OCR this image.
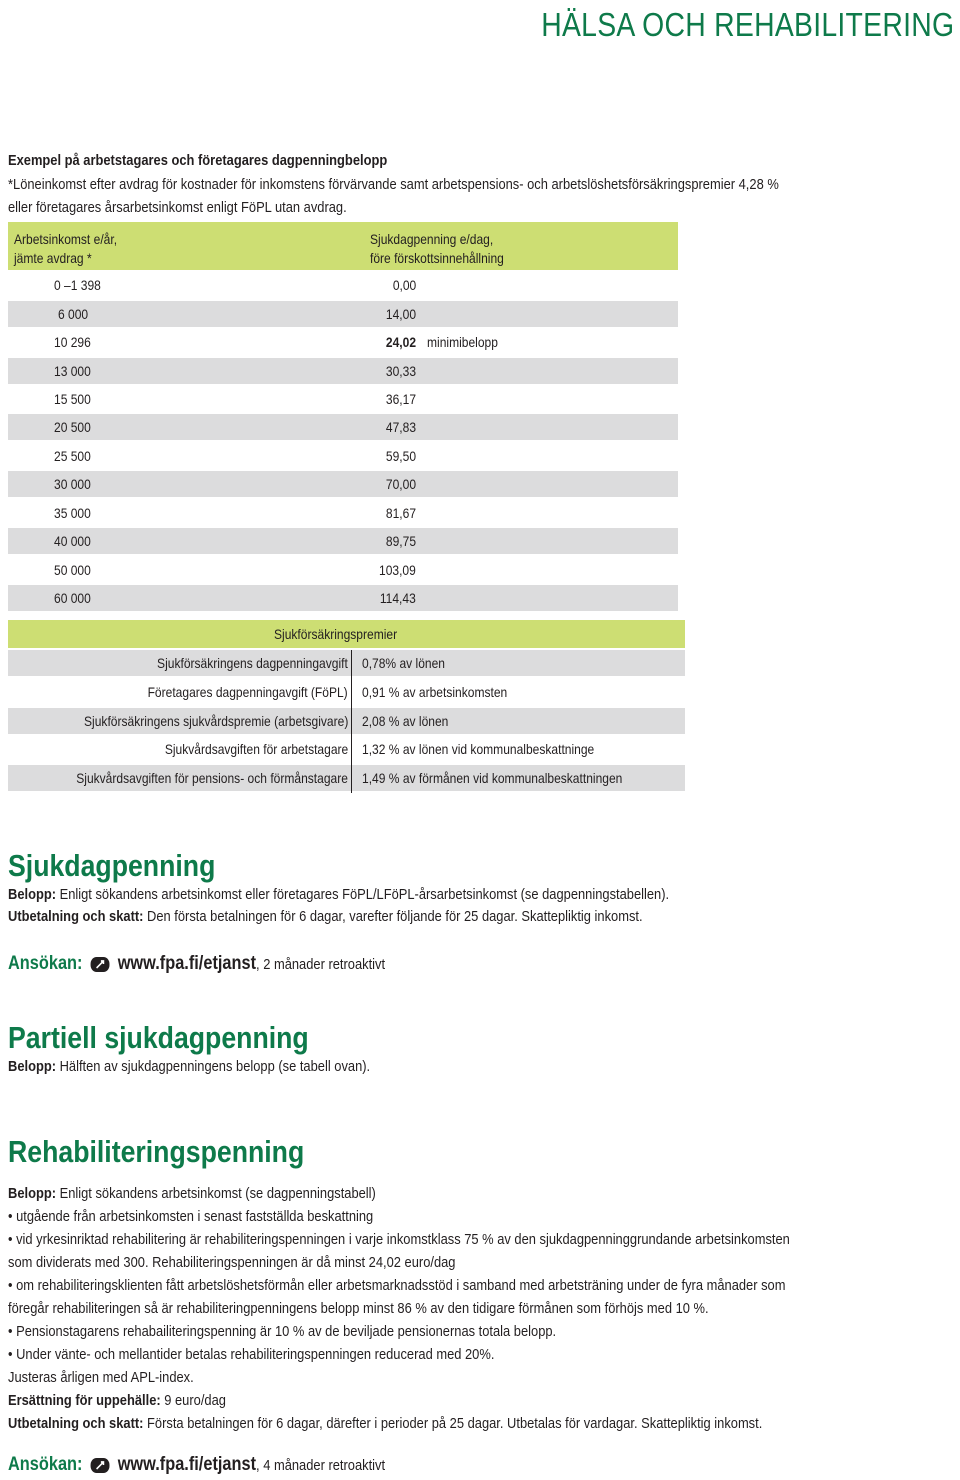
HÄLSA OCH REHABILITERING
Exempel på arbetstagares och företagares dagpenningbelopp
*Löneinkomst efter avdrag för kostnader för inkomstens förvärvande samt arbetspensions- och arbetslöshetsförsäkringspremier 4,28 %
eller företagares årsarbetsinkomst enligt FöPL utan avdrag.
Arbetsinkomst e/år,
jämte avdrag *
Sjukdagpenning e/dag,
före förskottsinnehållning
0 –1 398	0,00
6 000	14,00
10 296	24,02 minimibelopp
13 000	30,33
15 500	36,17
20 500	47,83
25 500	59,50
30 000	70,00
35 000	81,67
40 000	89,75
50 000	103,09
60 000	114,43
Sjukförsäkringspremier
Sjukförsäkringens dagpenningavgift 0,78% av lönen
Företagares dagpenningavgift (FöPL) 0,91 % av arbetsinkomsten
Sjukförsäkringens sjukvårdspremie (arbetsgivare) 2,08 % av lönen
Sjukvårdsavgiften för arbetstagare 1,32 % av lönen vid kommunalbeskattninge
Sjukvårdsavgiften för pensions- och förmånstagare 1,49 % av förmånen vid kommunalbeskattningen
Sjukdagpenning
Belopp: Enligt sökandens arbetsinkomst eller företagares FöPL/LFöPL-årsarbetsinkomst (se dagpenningstabellen).
Utbetalning och skatt: Den första betalningen för 6 dagar, varefter följande för 25 dagar. Skattepliktig inkomst.
Ansökan: www.fpa.fi/etjanst , 2 månader retroaktivt
Partiell sjukdagpenning
Belopp: Hälften av sjukdagpenningens belopp (se tabell ovan).
Rehabiliteringspenning
Belopp: Enligt sökandens arbetsinkomst (se dagpenningstabell)
• utgående från arbetsinkomsten i senast fastställda beskattning
• vid yrkesinriktad rehabilitering är rehabiliteringspenningen i varje inkomstklass 75 % av den sjukdagpenninggrundande arbetsinkomsten
som dividerats med 300. Rehabiliteringspenningen är då minst 24,02 euro/dag
• om rehabiliteringsklienten fått arbetslöshetsförmån eller arbetsmarknadsstöd i samband med arbetsträning under de fyra månader som
föregår rehabiliteringen så är rehabiliteringpenningens belopp minst 86 % av den tidigare förmånen som förhöjs med 10 %.
• Pensionstagarens rehabailiteringspenning är 10 % av de beviljade pensionernas totala belopp.
• Under vänte- och mellantider betalas rehabiliteringspenningen reducerad med 20%.
Justeras årligen med APL-index.
Ersättning för uppehälle: 9 euro/dag
Utbetalning och skatt: Första betalningen för 6 dagar, därefter i perioder på 25 dagar. Utbetalas för vardagar. Skattepliktig inkomst.
Ansökan: www.fpa.fi/etjanst , 4 månader retroaktivt
